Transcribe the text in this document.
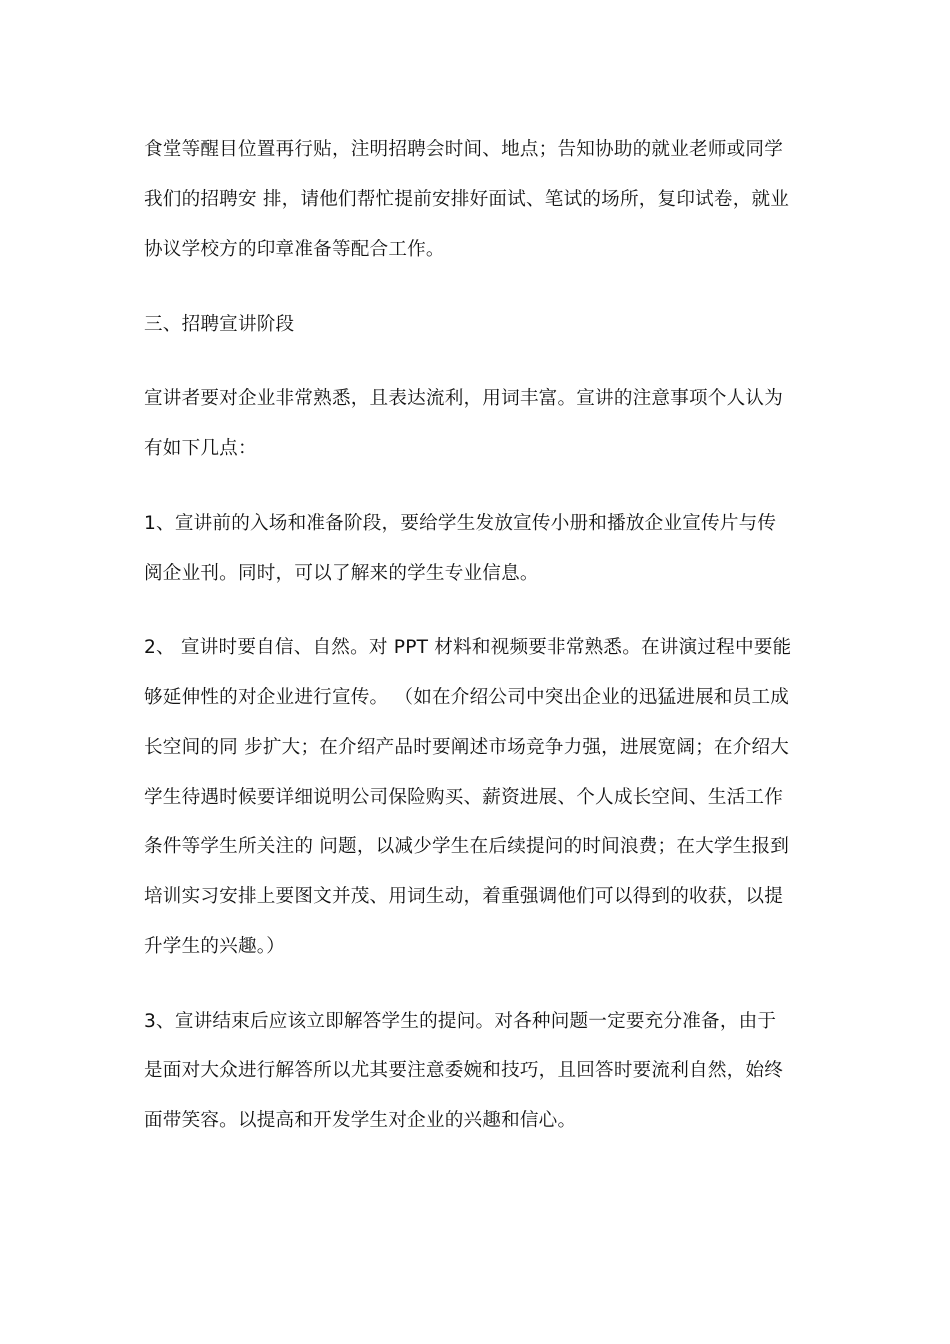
食堂等醒目位置再行贴，注明招聘会时间、地点；告知协助的就业老师或同学
我们的招聘安 排，请他们帮忙提前安排好面试、笔试的场所，复印试卷，就业
协议学校方的印章准备等配合工作。
三、招聘宣讲阶段
宣讲者要对企业非常熟悉，且表达流利，用词丰富。宣讲的注意事项个人认为
有如下几点：
1、宣讲前的入场和准备阶段，要给学生发放宣传小册和播放企业宣传片与传
阅企业刊。同时，可以了解来的学生专业信息。
2、 宣讲时要自信、自然。对 PPT 材料和视频要非常熟悉。在讲演过程中要能
够延伸性的对企业进行宣传。 （如在介绍公司中突出企业的迅猛进展和员工成
长空间的同 步扩大；在介绍产品时要阐述市场竞争力强，进展宽阔；在介绍大
学生待遇时候要详细说明公司保险购买、薪资进展、个人成长空间、生活工作
条件等学生所关注的 问题，以减少学生在后续提问的时间浪费；在大学生报到
培训实习安排上要图文并茂、用词生动，着重强调他们可以得到的收获，以提
升学生的兴趣。）
3、宣讲结束后应该立即解答学生的提问。对各种问题一定要充分准备，由于
是面对大众进行解答所以尤其要注意委婉和技巧，且回答时要流利自然，始终
面带笑容。以提高和开发学生对企业的兴趣和信心。
